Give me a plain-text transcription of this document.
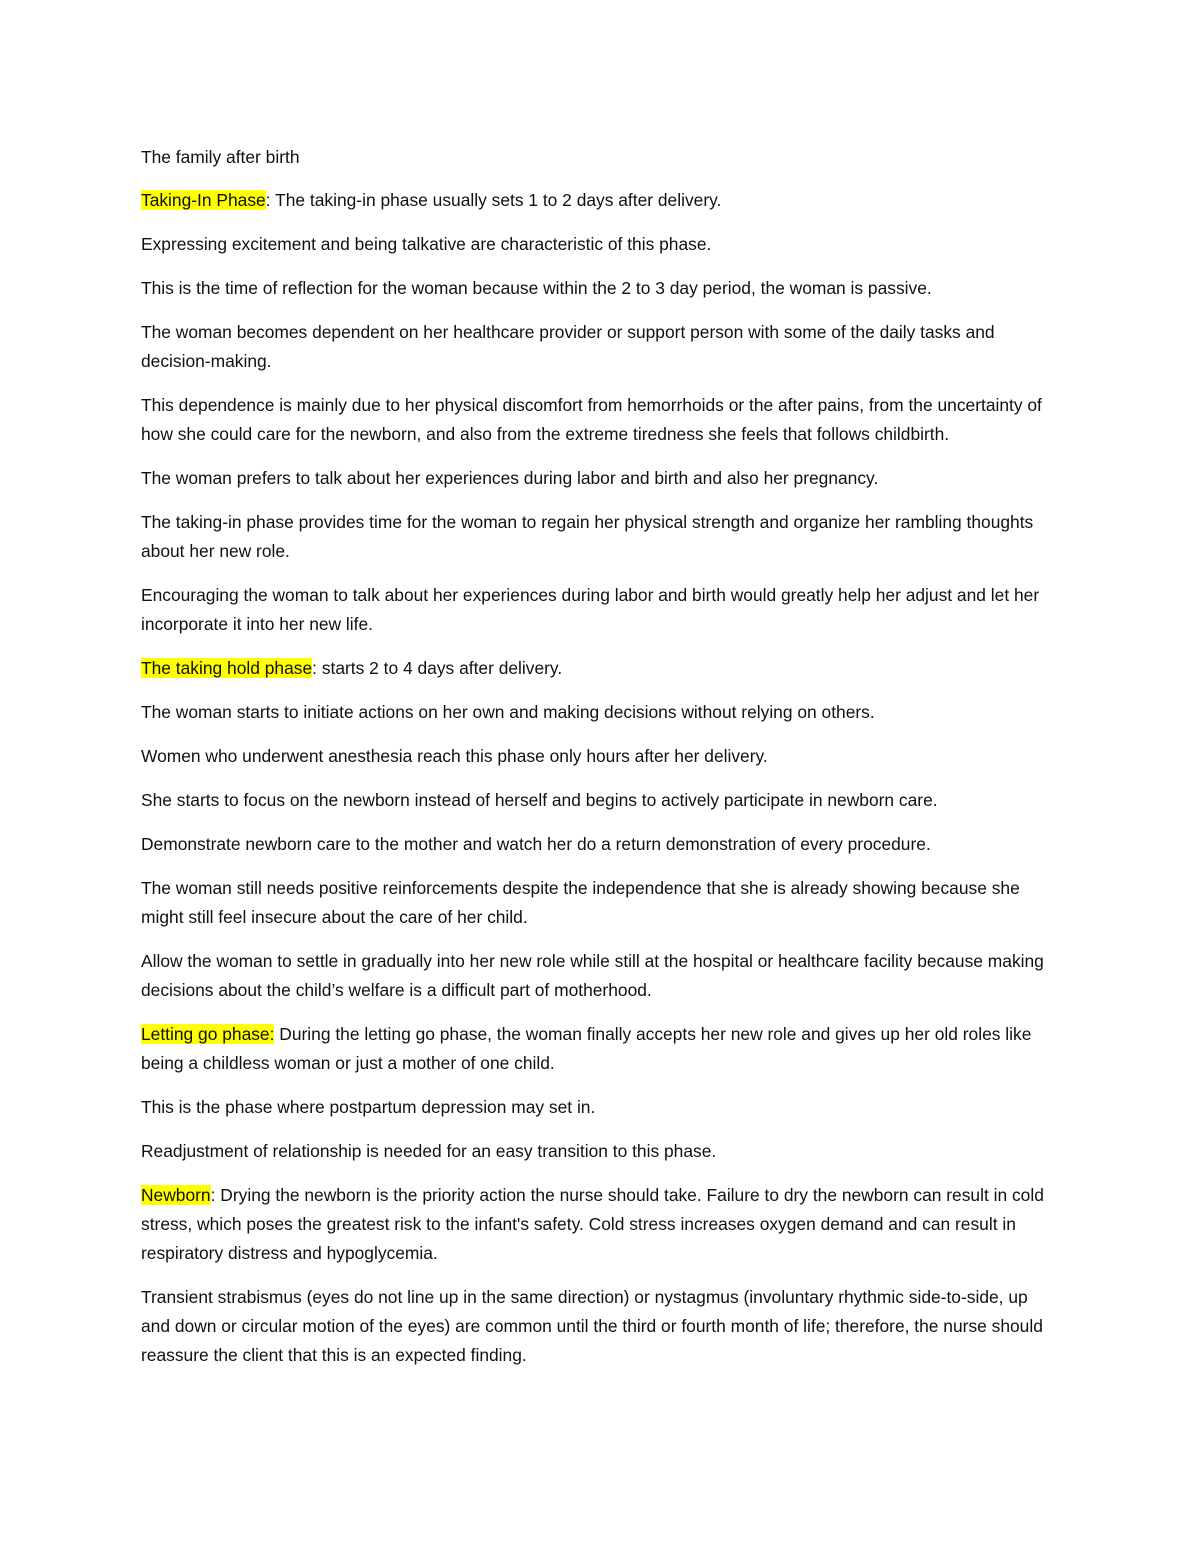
The family after birth

Taking-In Phase: The taking-in phase usually sets 1 to 2 days after delivery.

Expressing excitement and being talkative are characteristic of this phase.

This is the time of reflection for the woman because within the 2 to 3 day period, the woman is passive.

The woman becomes dependent on her healthcare provider or support person with some of the daily tasks and decision-making.

This dependence is mainly due to her physical discomfort from hemorrhoids or the after pains, from the uncertainty of how she could care for the newborn, and also from the extreme tiredness she feels that follows childbirth.

The woman prefers to talk about her experiences during labor and birth and also her pregnancy.

The taking-in phase provides time for the woman to regain her physical strength and organize her rambling thoughts about her new role.

Encouraging the woman to talk about her experiences during labor and birth would greatly help her adjust and let her incorporate it into her new life.

The taking hold phase: starts 2 to 4 days after delivery.

The woman starts to initiate actions on her own and making decisions without relying on others.

Women who underwent anesthesia reach this phase only hours after her delivery.

She starts to focus on the newborn instead of herself and begins to actively participate in newborn care.

Demonstrate newborn care to the mother and watch her do a return demonstration of every procedure.

The woman still needs positive reinforcements despite the independence that she is already showing because she might still feel insecure about the care of her child.

Allow the woman to settle in gradually into her new role while still at the hospital or healthcare facility because making decisions about the child’s welfare is a difficult part of motherhood.

Letting go phase: During the letting go phase, the woman finally accepts her new role and gives up her old roles like being a childless woman or just a mother of one child.

This is the phase where postpartum depression may set in.

Readjustment of relationship is needed for an easy transition to this phase.

Newborn: Drying the newborn is the priority action the nurse should take. Failure to dry the newborn can result in cold stress, which poses the greatest risk to the infant's safety. Cold stress increases oxygen demand and can result in respiratory distress and hypoglycemia.

Transient strabismus (eyes do not line up in the same direction) or nystagmus (involuntary rhythmic side-to-side, up and down or circular motion of the eyes) are common until the third or fourth month of life; therefore, the nurse should reassure the client that this is an expected finding.
